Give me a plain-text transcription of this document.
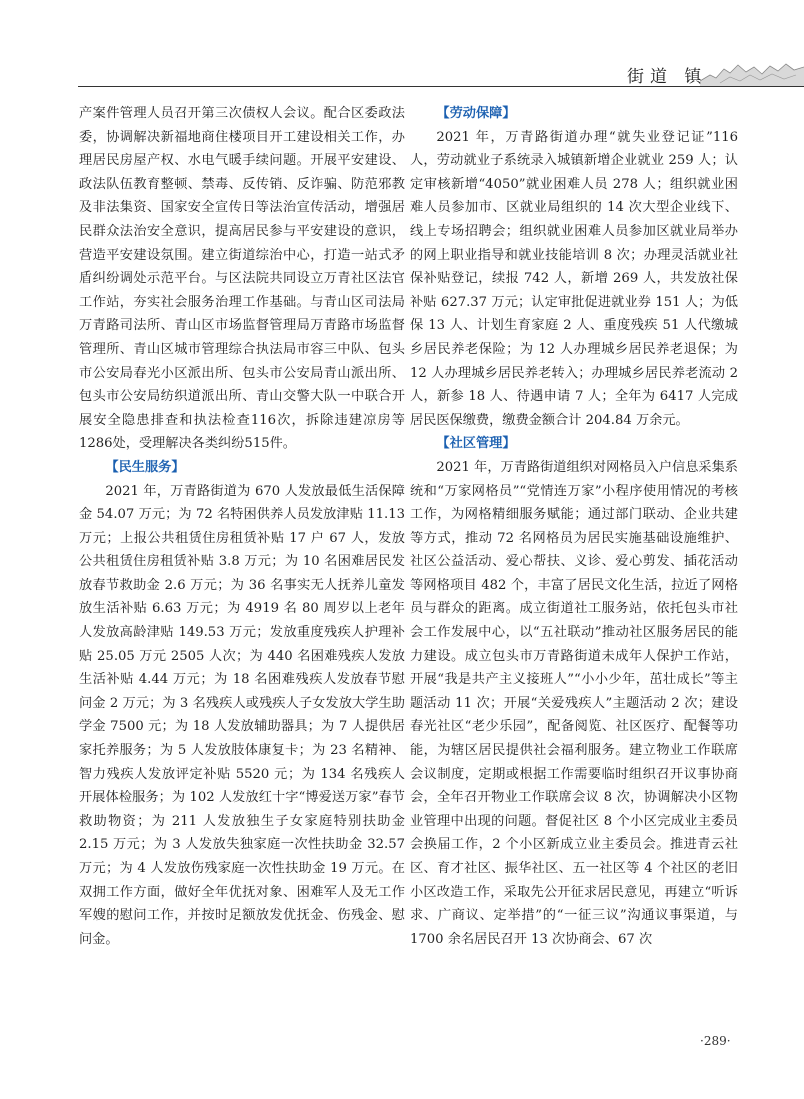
街道 镇

产案件管理人员召开第三次债权人会议。配合区委政法委，协调解决新福地商住楼项目开工建设相关工作，办理居民房屋产权、水电气暖手续问题。开展平安建设、政法队伍教育整顿、禁毒、反传销、反诈骗、防范邪教及非法集资、国家安全宣传日等法治宣传活动，增强居民群众法治安全意识，提高居民参与平安建设的意识，营造平安建设氛围。建立街道综治中心，打造一站式矛盾纠纷调处示范平台。与区法院共同设立万青社区法官工作站，夯实社会服务治理工作基础。与青山区司法局万青路司法所、青山区市场监督管理局万青路市场监督管理所、青山区城市管理综合执法局市容三中队、包头市公安局春光小区派出所、包头市公安局青山派出所、包头市公安局纺织道派出所、青山交警大队一中联合开展安全隐患排查和执法检查116次，拆除违建凉房等1286处，受理解决各类纠纷515件。

【民生服务】

2021 年，万青路街道为 670 人发放最低生活保障金 54.07 万元；为 72 名特困供养人员发放津贴 11.13 万元；上报公共租赁住房租赁补贴 17 户 67 人，发放公共租赁住房租赁补贴 3.8 万元；为 10 名困难居民发放春节救助金 2.6 万元；为 36 名事实无人抚养儿童发放生活补贴 6.63 万元；为 4919 名 80 周岁以上老年人发放高龄津贴 149.53 万元；发放重度残疾人护理补贴 25.05 万元 2505 人次；为 440 名困难残疾人发放生活补贴 4.44 万元；为 18 名困难残疾人发放春节慰问金 2 万元；为 3 名残疾人或残疾人子女发放大学生助学金 7500 元；为 18 人发放辅助器具；为 7 人提供居家托养服务；为 5 人发放肢体康复卡；为 23 名精神、智力残疾人发放评定补贴 5520 元；为 134 名残疾人开展体检服务；为 102 人发放红十字“博爱送万家”春节救助物资；为 211 人发放独生子女家庭特别扶助金 2.15 万元；为 3 人发放失独家庭一次性扶助金 32.57 万元；为 4 人发放伤残家庭一次性扶助金 19 万元。在双拥工作方面，做好全年优抚对象、困难军人及无工作军嫂的慰问工作，并按时足额放发优抚金、伤残金、慰问金。

【劳动保障】

2021 年，万青路街道办理“就失业登记证”116 人，劳动就业子系统录入城镇新增企业就业 259 人；认定审核新增“4050”就业困难人员 278 人；组织就业困难人员参加市、区就业局组织的 14 次大型企业线下、线上专场招聘会；组织就业困难人员参加区就业局举办的网上职业指导和就业技能培训 8 次；办理灵活就业社保补贴登记，续报 742 人，新增 269 人，共发放社保补贴 627.37 万元；认定审批促进就业券 151 人；为低保 13 人、计划生育家庭 2 人、重度残疾 51 人代缴城乡居民养老保险；为 12 人办理城乡居民养老退保；为 12 人办理城乡居民养老转入；办理城乡居民养老流动 2 人，新参 18 人、待遇申请 7 人；全年为 6417 人完成居民医保缴费，缴费金额合计 204.84 万余元。

【社区管理】

2021 年，万青路街道组织对网格员入户信息采集系统和“万家网格员”“党情连万家”小程序使用情况的考核工作，为网格精细服务赋能；通过部门联动、企业共建等方式，推动 72 名网格员为居民实施基础设施维护、社区公益活动、爱心帮扶、义诊、爱心剪发、插花活动等网格项目 482 个，丰富了居民文化生活，拉近了网格员与群众的距离。成立街道社工服务站，依托包头市社会工作发展中心，以“五社联动”推动社区服务居民的能力建设。成立包头市万青路街道未成年人保护工作站，开展“我是共产主义接班人”“小小少年，茁壮成长”等主题活动 11 次；开展“关爱残疾人”主题活动 2 次；建设春光社区“老少乐园”，配备阅览、社区医疗、配餐等功能，为辖区居民提供社会福利服务。建立物业工作联席会议制度，定期或根据工作需要临时组织召开议事协商会，全年召开物业工作联席会议 8 次，协调解决小区物业管理中出现的问题。督促社区 8 个小区完成业主委员会换届工作，2 个小区新成立业主委员会。推进青云社区、育才社区、振华社区、五一社区等 4 个社区的老旧小区改造工作，采取先公开征求居民意见，再建立“听诉求、广商议、定举措”的“一征三议”沟通议事渠道，与 1700 余名居民召开 13 次协商会、67 次

·289·
